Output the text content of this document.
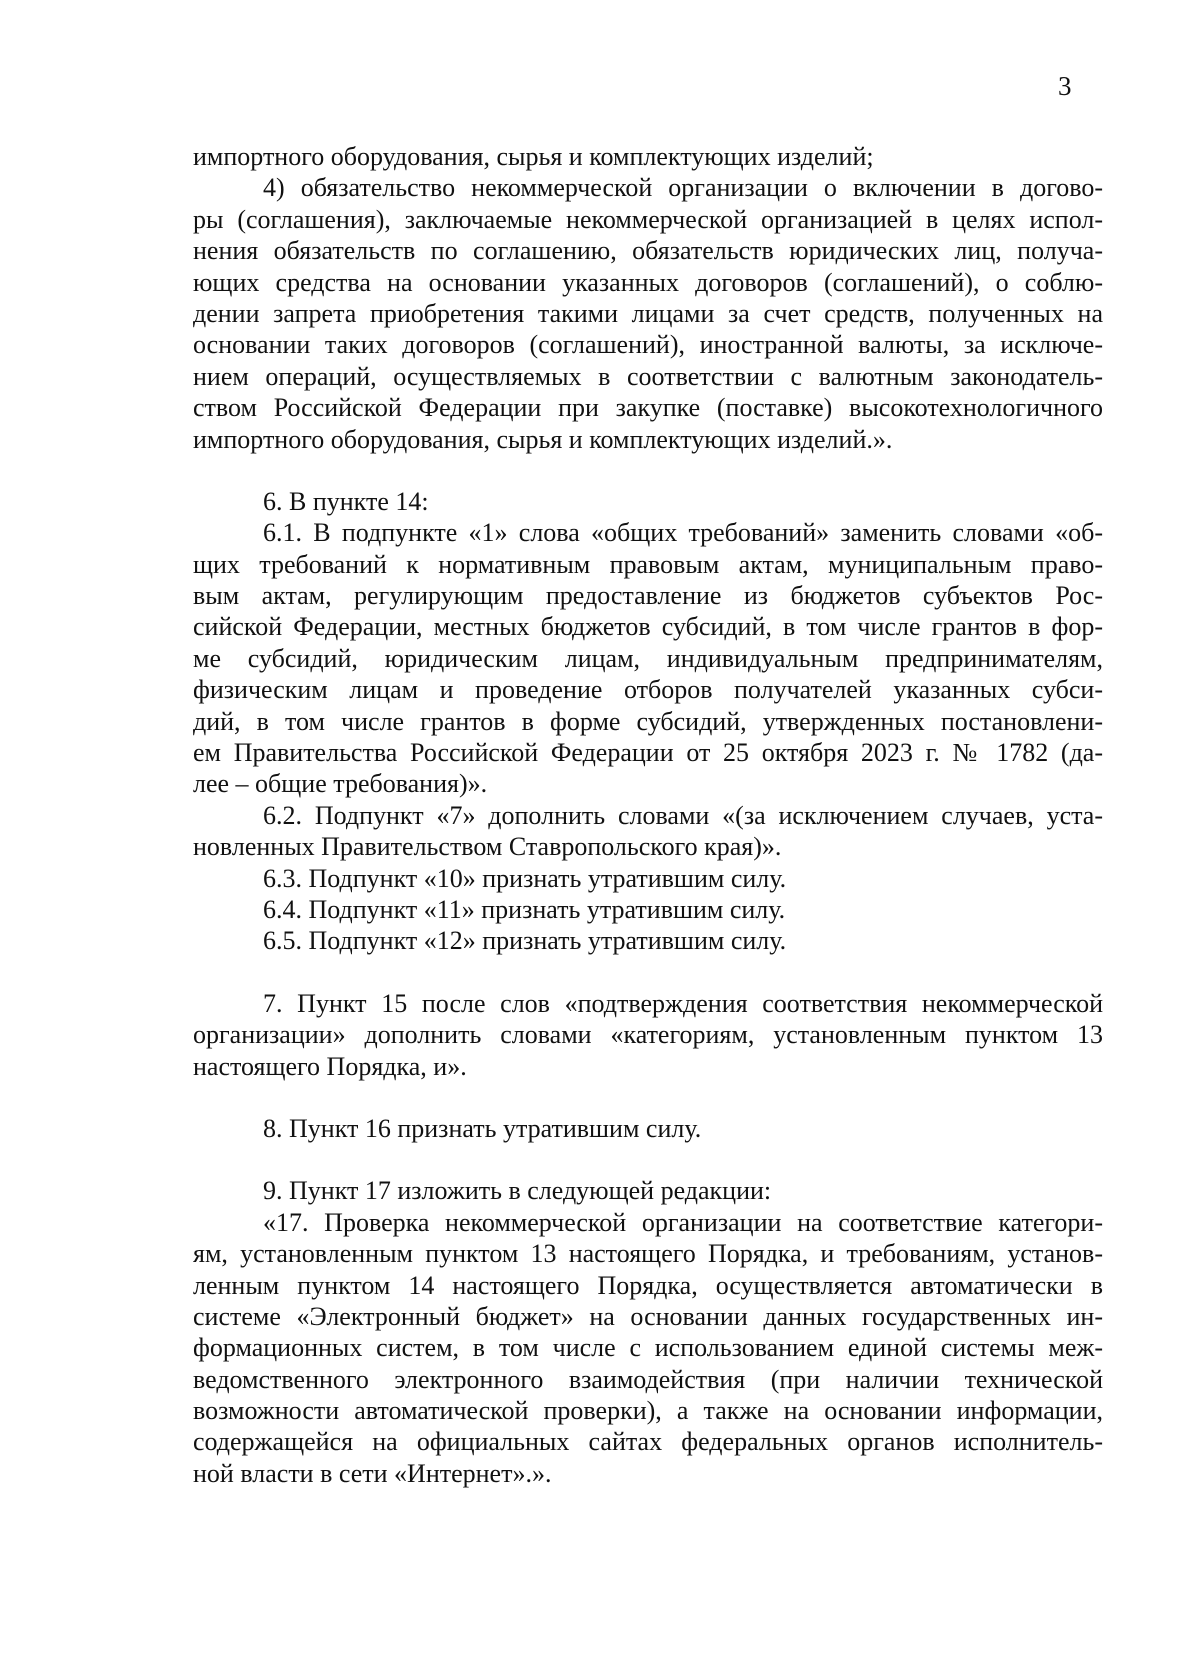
3
импортного оборудования, сырья и комплектующих изделий;
4) обязательство некоммерческой организации о включении в догово-
ры (соглашения), заключаемые некоммерческой организацией в целях испол-
нения обязательств по соглашению, обязательств юридических лиц, получа-
ющих средства на основании указанных договоров (соглашений), о соблю-
дении запрета приобретения такими лицами за счет средств, полученных на
основании таких договоров (соглашений), иностранной валюты, за исключе-
нием операций, осуществляемых в соответствии с валютным законодатель-
ством Российской Федерации при закупке (поставке) высокотехнологичного
импортного оборудования, сырья и комплектующих изделий.».
6. В пункте 14:
6.1. В подпункте «1» слова «общих требований» заменить словами «об-
щих требований к нормативным правовым актам, муниципальным право-
вым актам, регулирующим предоставление из бюджетов субъектов Рос-
сийской Федерации, местных бюджетов субсидий, в том числе грантов в фор-
ме субсидий, юридическим лицам, индивидуальным предпринимателям,
физическим лицам и проведение отборов получателей указанных субси-
дий, в том числе грантов в форме субсидий, утвержденных постановлени-
ем Правительства Российской Федерации от 25 октября 2023 г. № 1782 (да-
лее – общие требования)».
6.2. Подпункт «7» дополнить словами «(за исключением случаев, уста-
новленных Правительством Ставропольского края)».
6.3. Подпункт «10» признать утратившим силу.
6.4. Подпункт «11» признать утратившим силу.
6.5. Подпункт «12» признать утратившим силу.
7. Пункт 15 после слов «подтверждения соответствия некоммерческой
организации» дополнить словами «категориям, установленным пунктом 13
настоящего Порядка, и».
8. Пункт 16 признать утратившим силу.
9. Пункт 17 изложить в следующей редакции:
«17. Проверка некоммерческой организации на соответствие категори-
ям, установленным пунктом 13 настоящего Порядка, и требованиям, установ-
ленным пунктом 14 настоящего Порядка, осуществляется автоматически в
системе «Электронный бюджет» на основании данных государственных ин-
формационных систем, в том числе с использованием единой системы меж-
ведомственного электронного взаимодействия (при наличии технической
возможности автоматической проверки), а также на основании информации,
содержащейся на официальных сайтах федеральных органов исполнитель-
ной власти в сети «Интернет».».
